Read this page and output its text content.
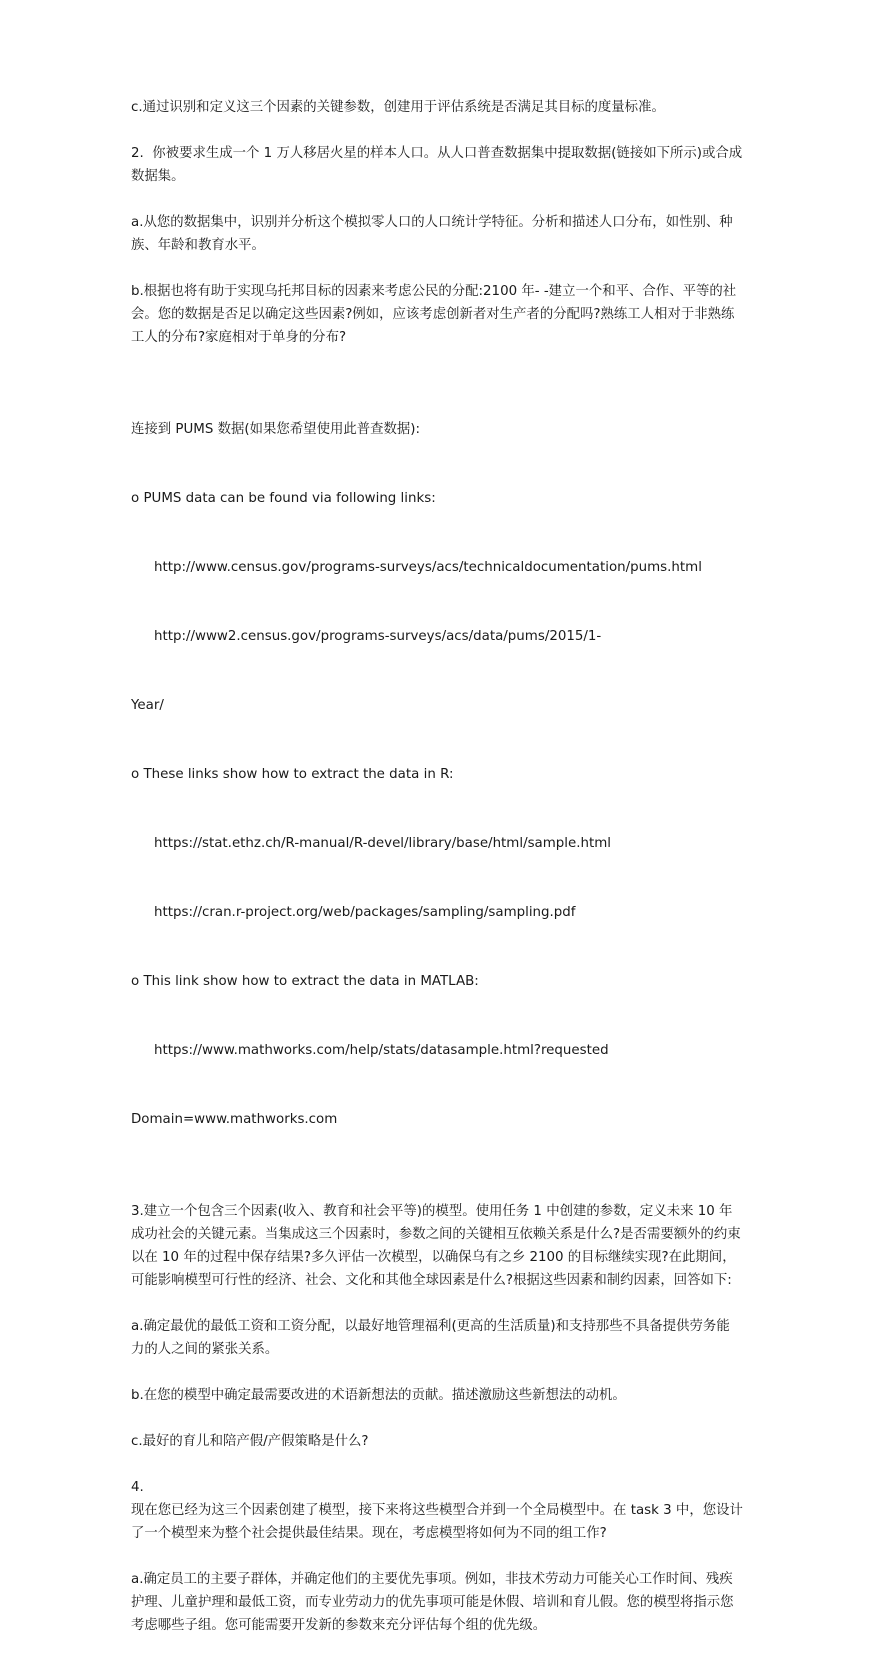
c.通过识别和定义这三个因素的关键参数，创建用于评估系统是否满足其目标的度量标准。

2.  你被要求生成一个 1 万人移居火星的样本人口。从人口普查数据集中提取数据(链接如下所示)或合成数据集。

a.从您的数据集中，识别并分析这个模拟零人口的人口统计学特征。分析和描述人口分布，如性别、种族、年龄和教育水平。

b.根据也将有助于实现乌托邦目标的因素来考虑公民的分配:2100 年- -建立一个和平、合作、平等的社会。您的数据是否足以确定这些因素?例如，应该考虑创新者对生产者的分配吗?熟练工人相对于非熟练工人的分布?家庭相对于单身的分布?

连接到 PUMS 数据(如果您希望使用此普查数据):

o PUMS data can be found via following links:

http://www.census.gov/programs-surveys/acs/technicaldocumentation/pums.html

http://www2.census.gov/programs-surveys/acs/data/pums/2015/1-

Year/

o These links show how to extract the data in R:

https://stat.ethz.ch/R-manual/R-devel/library/base/html/sample.html

https://cran.r-project.org/web/packages/sampling/sampling.pdf

o This link show how to extract the data in MATLAB:

https://www.mathworks.com/help/stats/datasample.html?requested

Domain=www.mathworks.com

3.建立一个包含三个因素(收入、教育和社会平等)的模型。使用任务 1 中创建的参数，定义未来 10 年成功社会的关键元素。当集成这三个因素时，参数之间的关键相互依赖关系是什么?是否需要额外的约束以在 10 年的过程中保存结果?多久评估一次模型，以确保乌有之乡 2100 的目标继续实现?在此期间，可能影响模型可行性的经济、社会、文化和其他全球因素是什么?根据这些因素和制约因素，回答如下:

a.确定最优的最低工资和工资分配，以最好地管理福利(更高的生活质量)和支持那些不具备提供劳务能力的人之间的紧张关系。

b.在您的模型中确定最需要改进的术语新想法的贡献。描述激励这些新想法的动机。

c.最好的育儿和陪产假/产假策略是什么?

4.

现在您已经为这三个因素创建了模型，接下来将这些模型合并到一个全局模型中。在 task 3 中，您设计了一个模型来为整个社会提供最佳结果。现在，考虑模型将如何为不同的组工作?

a.确定员工的主要子群体，并确定他们的主要优先事项。例如，非技术劳动力可能关心工作时间、残疾护理、儿童护理和最低工资，而专业劳动力的优先事项可能是休假、培训和育儿假。您的模型将指示您考虑哪些子组。您可能需要开发新的参数来充分评估每个组的优先级。
